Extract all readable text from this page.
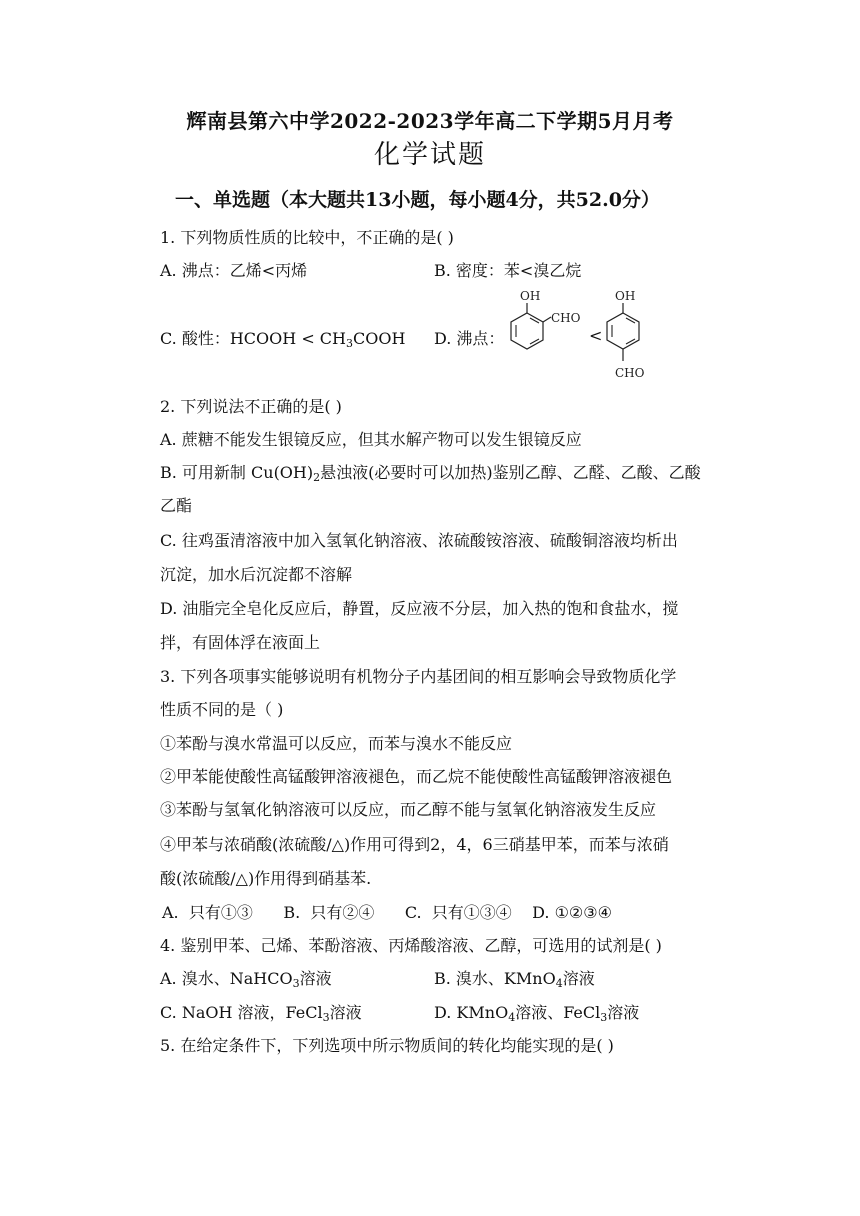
辉南县第六中学2022-2023学年高二下学期5月月考
化学试题
一、单选题（本大题共13小题，每小题4分，共52.0分）
1. 下列物质性质的比较中，不正确的是( )
A. 沸点：乙烯<丙烯	B. 密度：苯<溴乙烷
C. 酸性：HCOOH < $CH_3COOH$ D. 沸点：
OH
CHO
<
OH
CHO
2. 下列说法不正确的是( )
A. 蔗糖不能发生银镜反应，但其水解产物可以发生银镜反应
B. 可用新制 $Cu(OH)_2$悬浊液(必要时可以加热)鉴别乙醇、乙醛、乙酸、乙酸
乙酯
C. 往鸡蛋清溶液中加入氢氧化钠溶液、浓硫酸铵溶液、硫酸铜溶液均析出
沉淀，加水后沉淀都不溶解
D. 油脂完全皂化反应后，静置，反应液不分层，加入热的饱和食盐水，搅
拌，有固体浮在液面上
3. 下列各项事实能够说明有机物分子内基团间的相互影响会导致物质化学
性质不同的是（ )
①苯酚与溴水常温可以反应，而苯与溴水不能反应
②甲苯能使酸性高锰酸钾溶液褪色，而乙烷不能使酸性高锰酸钾溶液褪色
③苯酚与氢氧化钠溶液可以反应，而乙醇不能与氢氧化钠溶液发生反应
④甲苯与浓硝酸(浓硫酸/△)作用可得到2，4，6三硝基甲苯，而苯与浓硝
酸(浓硫酸/△)作用得到硝基苯.
A.  只有①③      B.  只有②④      C.  只有①③④    D. ①②③④
4. 鉴别甲苯、己烯、苯酚溶液、丙烯酸溶液、乙醇，可选用的试剂是( )
A. 溴水、NaHCO$_3$溶液	B. 溴水、KMnO$_4$溶液
C. NaOH 溶液，FeCl$_3$溶液	D. KMnO$_4$溶液、FeCl$_3$溶液
5. 在给定条件下，下列选项中所示物质间的转化均能实现的是( )
